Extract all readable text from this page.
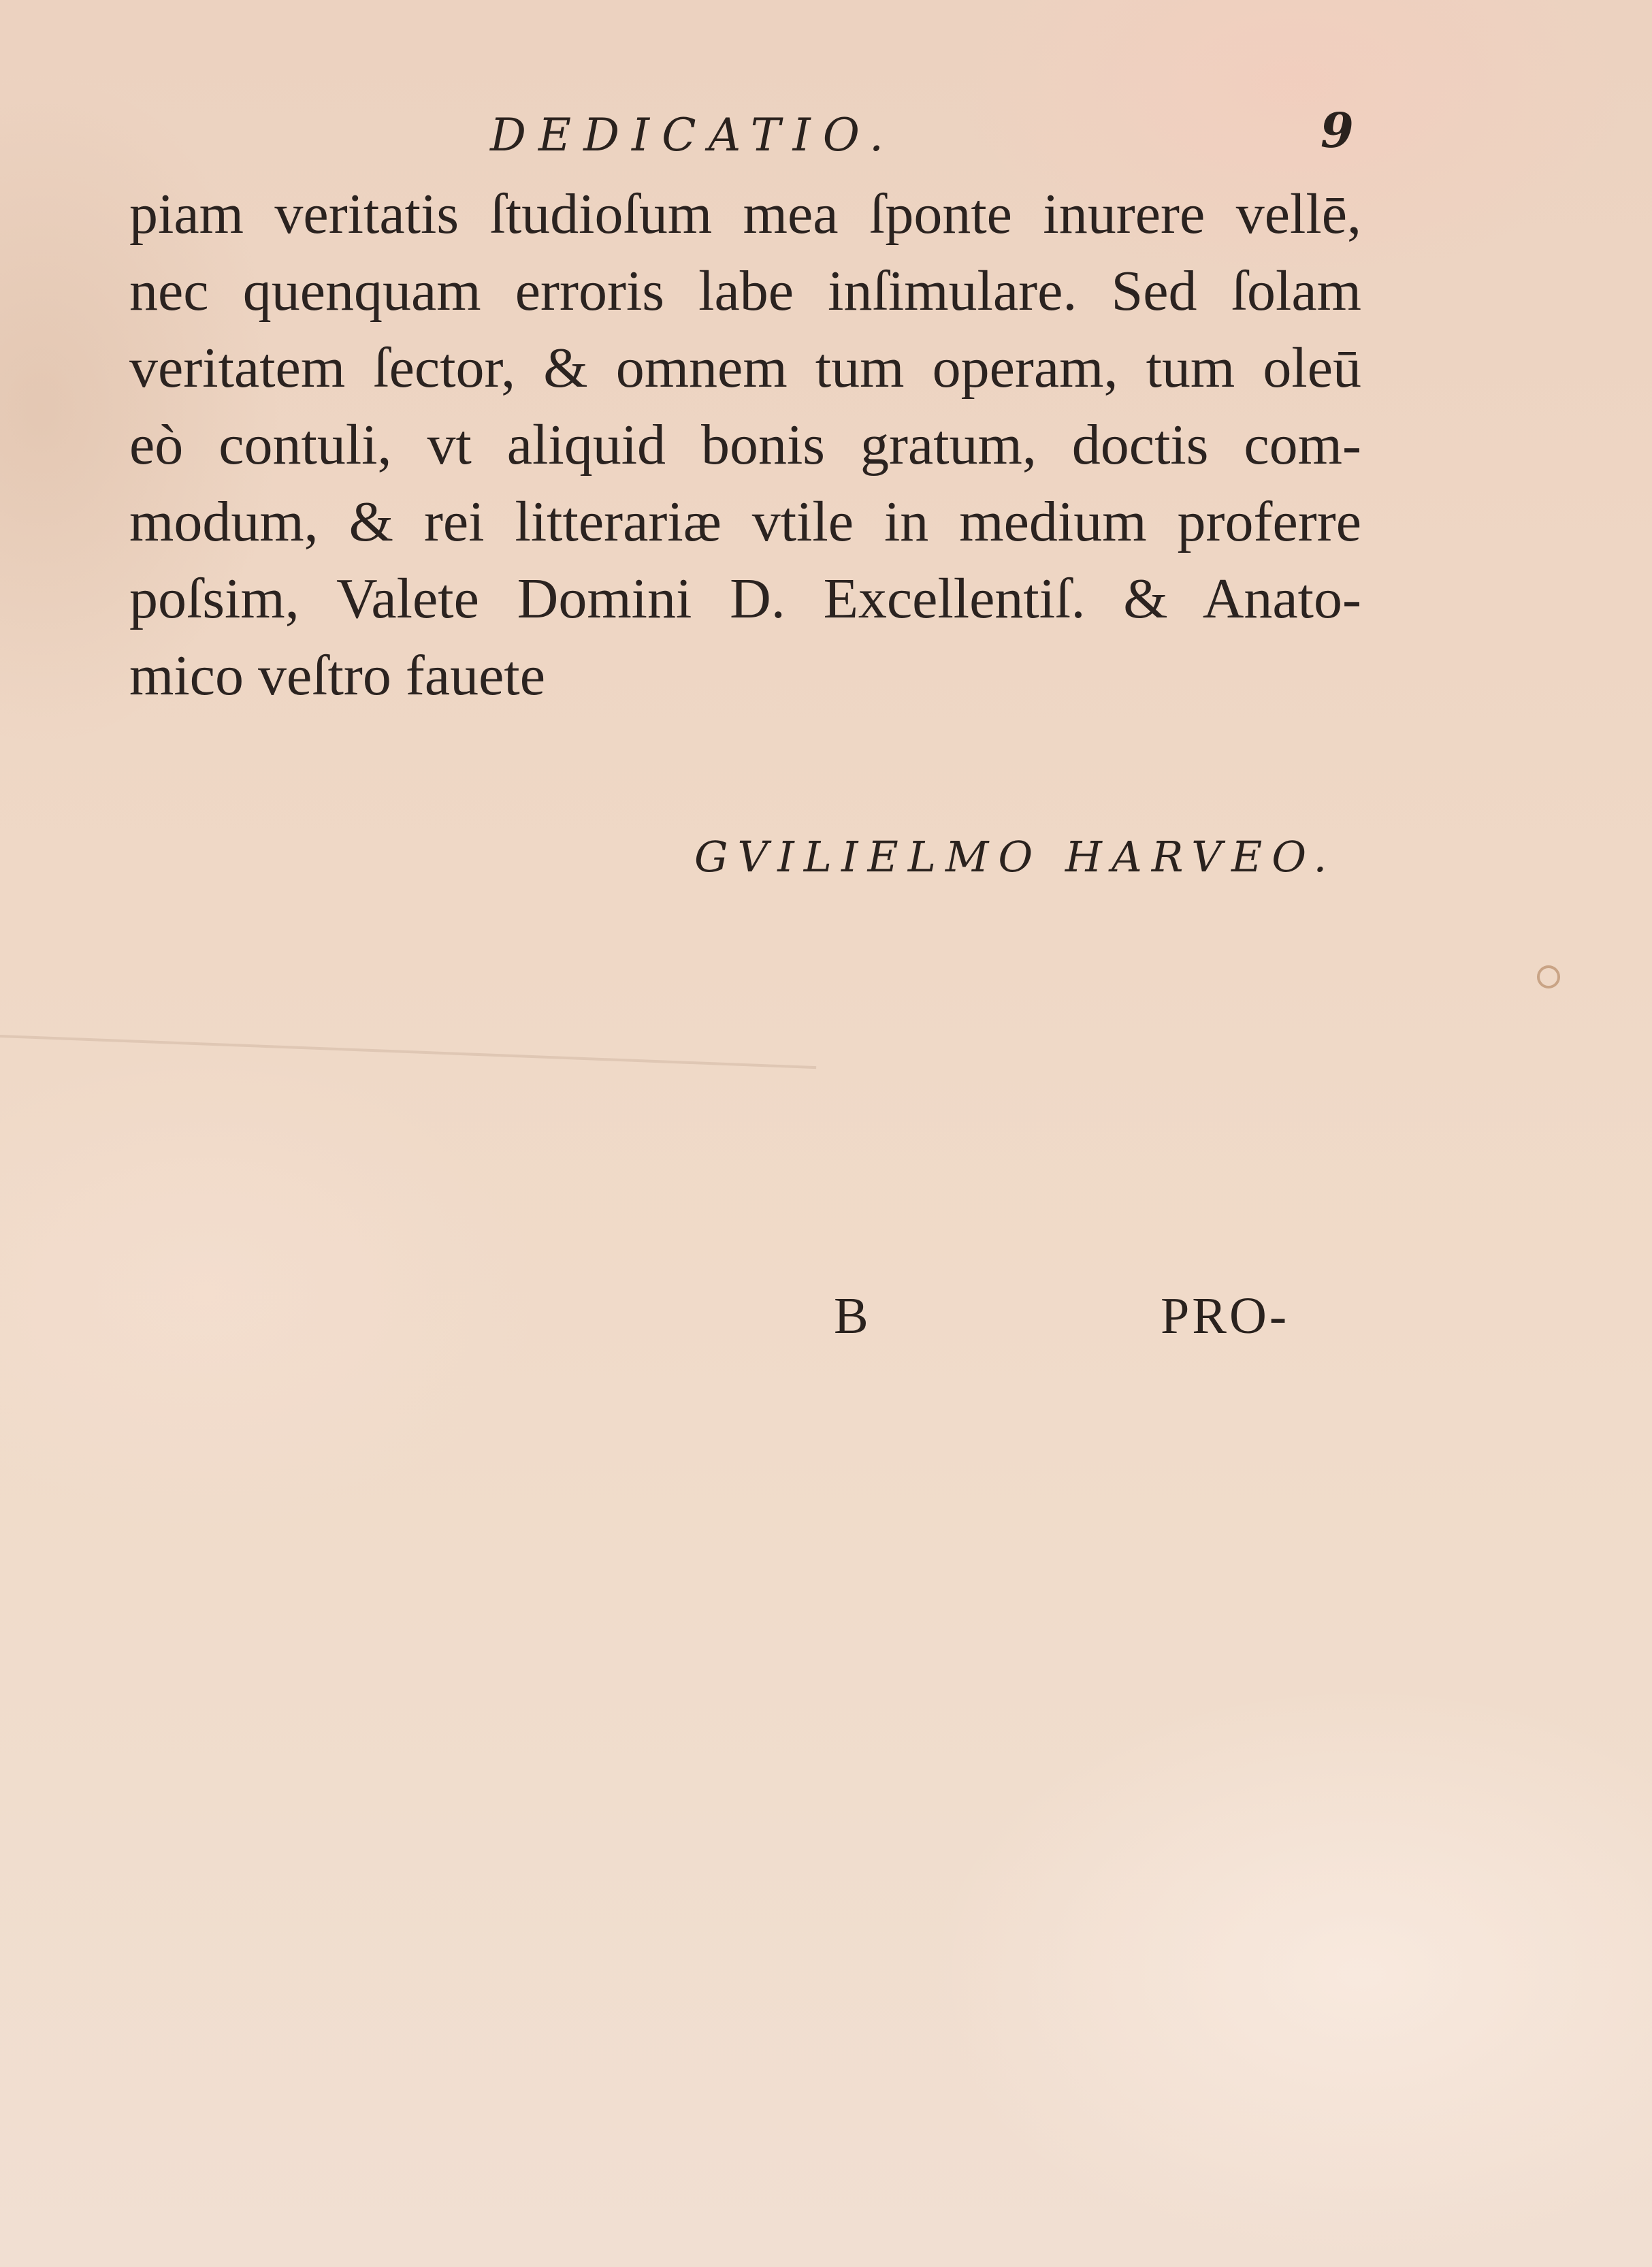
DEDICATIO.	9
piam veritatis ſtudioſum mea ſponte inurere vellē,
nec quenquam erroris labe inſimulare. Sed ſolam
veritatem ſector, & omnem tum operam, tum oleū
eò contuli, vt aliquid bonis gratum, doctis com-
modum, & rei litterariæ vtile in medium proferre
poſsim, Valete Domini D. Excellentiſ. & Anato-
mico veſtro fauete
GVILIELMO HARVEO.
B	PRO-
